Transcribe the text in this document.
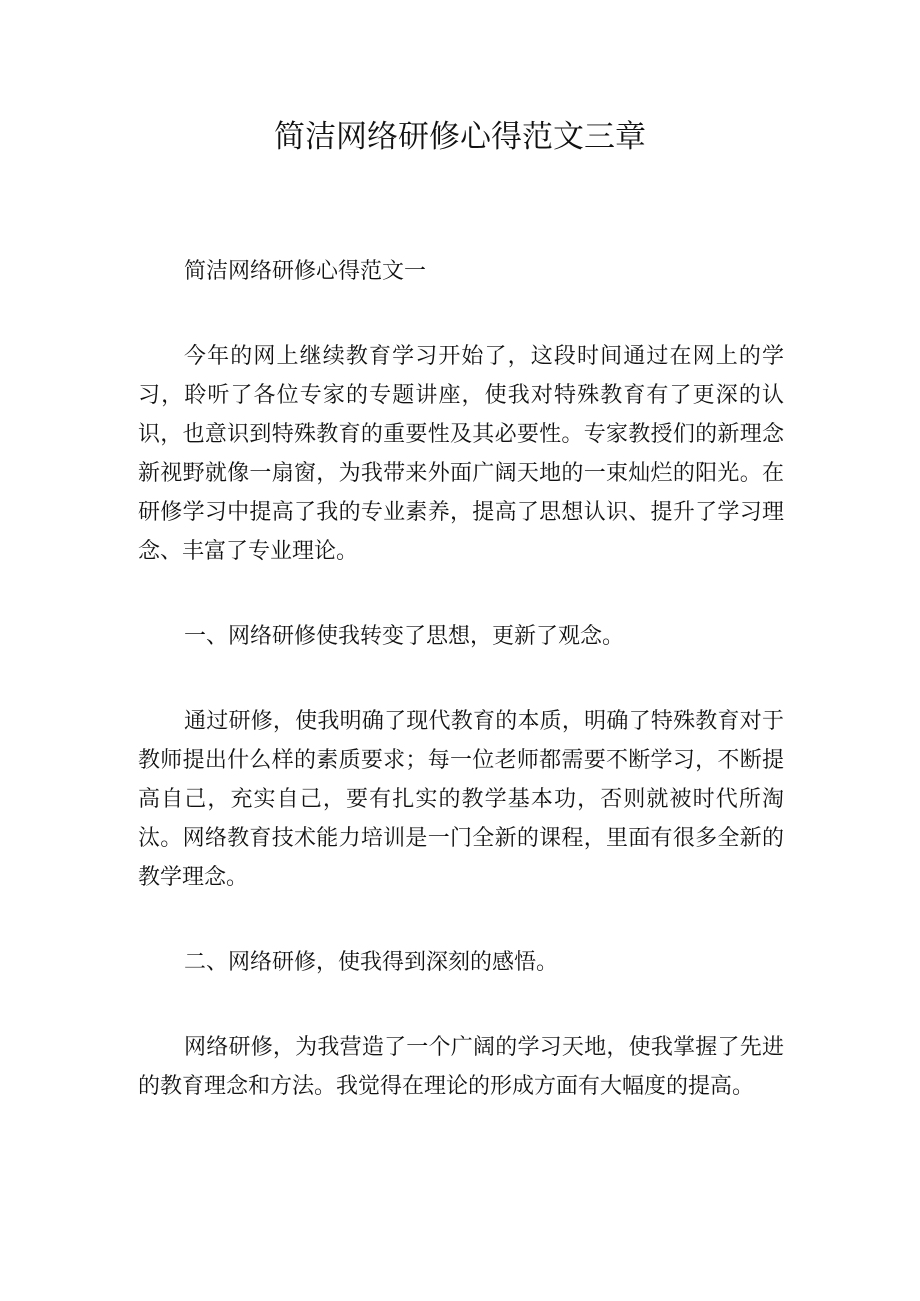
简洁网络研修心得范文三章

简洁网络研修心得范文一

今年的网上继续教育学习开始了，这段时间通过在网上的学习，聆听了各位专家的专题讲座，使我对特殊教育有了更深的认识，也意识到特殊教育的重要性及其必要性。专家教授们的新理念新视野就像一扇窗，为我带来外面广阔天地的一束灿烂的阳光。在研修学习中提高了我的专业素养，提高了思想认识、提升了学习理念、丰富了专业理论。

一、网络研修使我转变了思想，更新了观念。

通过研修，使我明确了现代教育的本质，明确了特殊教育对于教师提出什么样的素质要求；每一位老师都需要不断学习，不断提高自己，充实自己，要有扎实的教学基本功，否则就被时代所淘汰。网络教育技术能力培训是一门全新的课程，里面有很多全新的教学理念。

二、网络研修，使我得到深刻的感悟。

网络研修，为我营造了一个广阔的学习天地，使我掌握了先进的教育理念和方法。我觉得在理论的形成方面有大幅度的提高。
